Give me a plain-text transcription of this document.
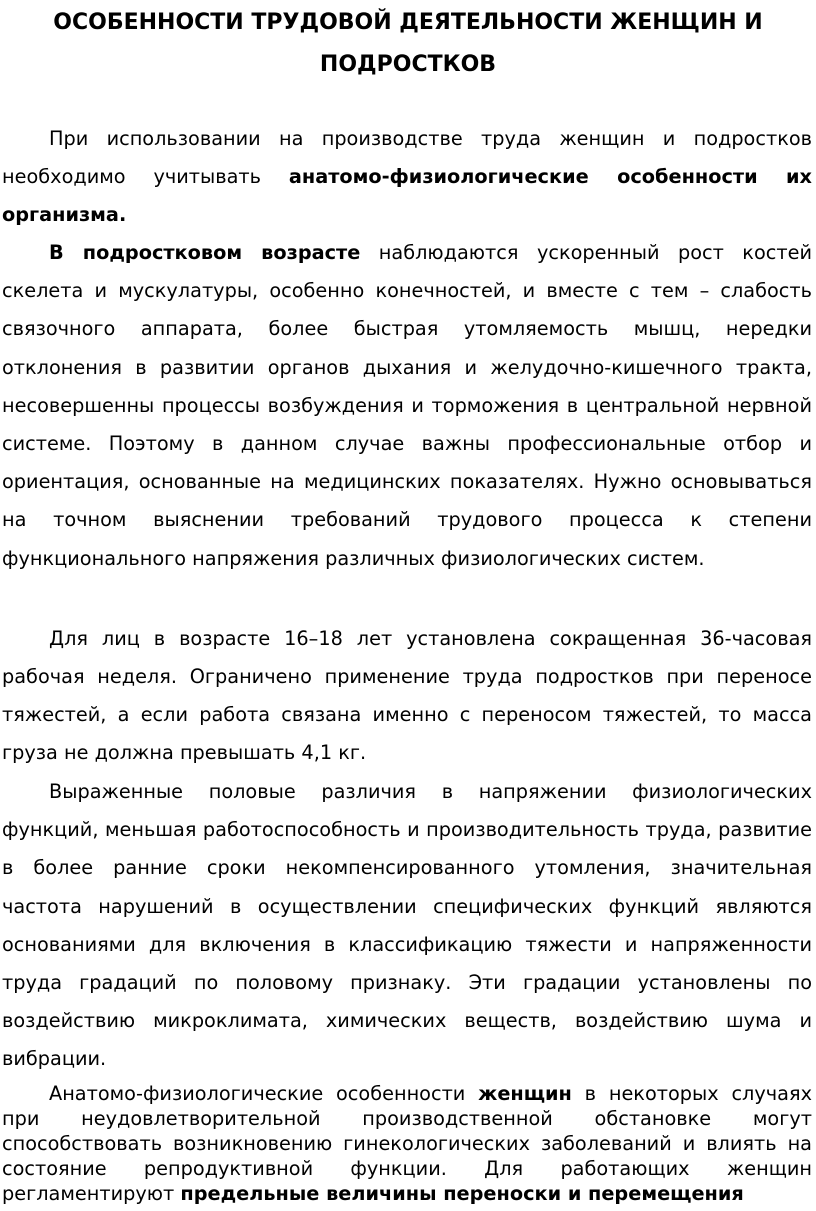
ОСОБЕННОСТИ ТРУДОВОЙ ДЕЯТЕЛЬНОСТИ ЖЕНЩИН И ПОДРОСТКОВ

При использовании на производстве труда женщин и подростков необходимо учитывать анатомо-физиологические особенности их организма.

В подростковом возрасте наблюдаются ускоренный рост костей скелета и мускулатуры, особенно конечностей, и вместе с тем – слабость связочного аппарата, более быстрая утомляемость мышц, нередки отклонения в развитии органов дыхания и желудочно-кишечного тракта, несовершенны процессы возбуждения и торможения в центральной нервной системе. Поэтому в данном случае важны профессиональные отбор и ориентация, основанные на медицинских показателях. Нужно основываться на точном выяснении требований трудового процесса к степени функционального напряжения различных физиологических систем.

Для лиц в возрасте 16–18 лет установлена сокращенная 36-часовая рабочая неделя. Ограничено применение труда подростков при переносе тяжестей, а если работа связана именно с переносом тяжестей, то масса груза не должна превышать 4,1 кг.

Выраженные половые различия в напряжении физиологических функций, меньшая работоспособность и производительность труда, развитие в более ранние сроки некомпенсированного утомления, значительная частота нарушений в осуществлении специфических функций являются основаниями для включения в классификацию тяжести и напряженности труда градаций по половому признаку. Эти градации установлены по воздействию микроклимата, химических веществ, воздействию шума и вибрации.

Анатомо-физиологические особенности женщин в некоторых случаях при неудовлетворительной производственной обстановке могут способствовать возникновению гинекологических заболеваний и влиять на состояние репродуктивной функции. Для работающих женщин регламентируют предельные величины переноски и перемещения
